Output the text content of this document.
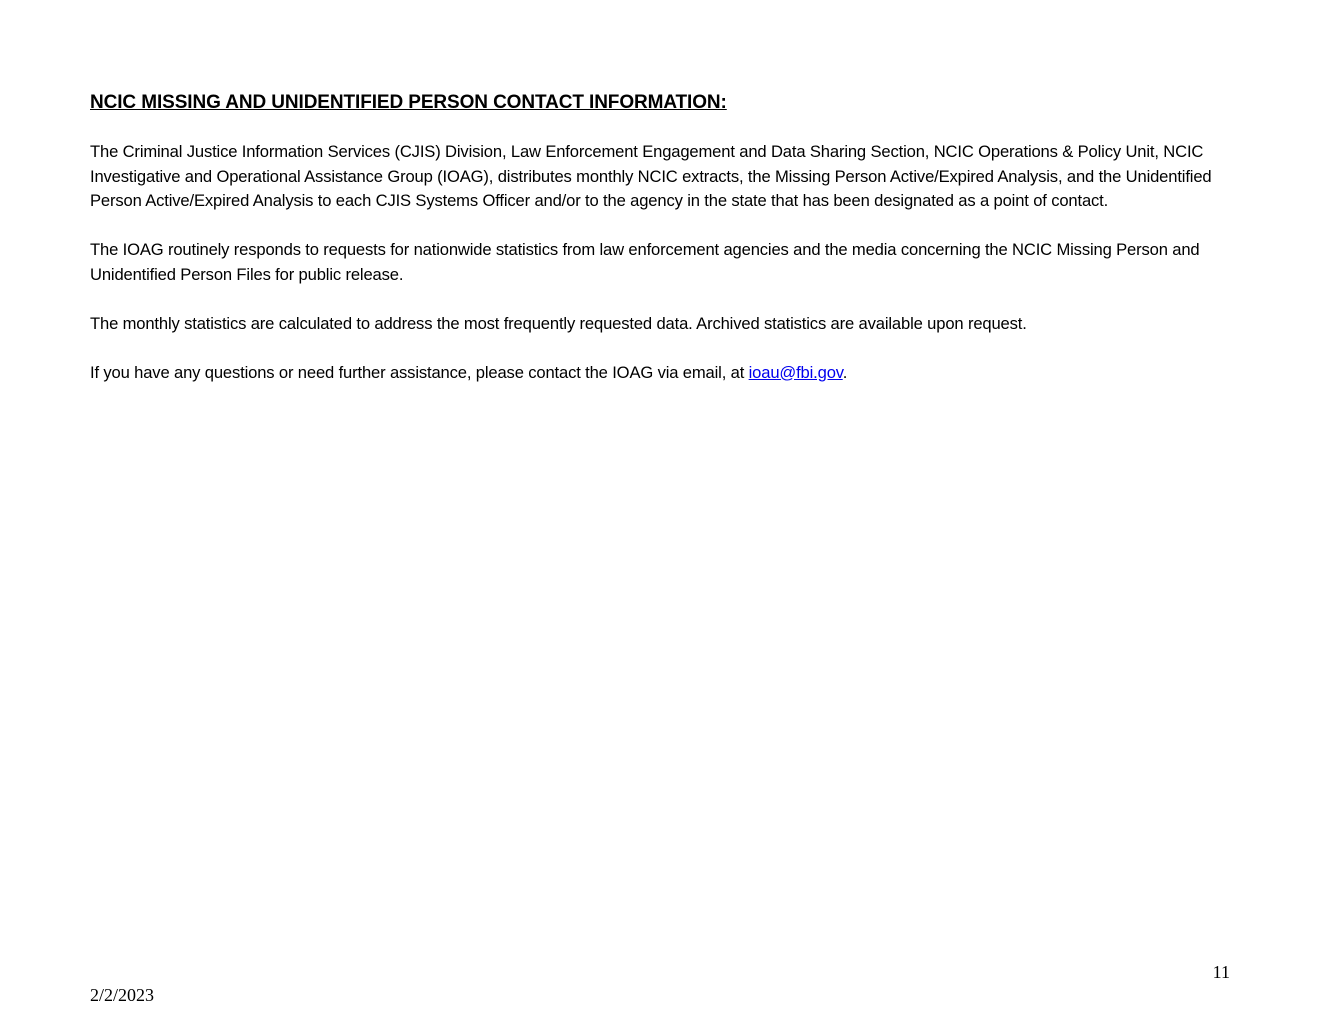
NCIC MISSING AND UNIDENTIFIED PERSON CONTACT INFORMATION:

The Criminal Justice Information Services (CJIS) Division, Law Enforcement Engagement and Data Sharing Section, NCIC Operations & Policy Unit, NCIC Investigative and Operational Assistance Group (IOAG), distributes monthly NCIC extracts, the Missing Person Active/Expired Analysis, and the Unidentified Person Active/Expired Analysis to each CJIS Systems Officer and/or to the agency in the state that has been designated as a point of contact.

The IOAG routinely responds to requests for nationwide statistics from law enforcement agencies and the media concerning the NCIC Missing Person and Unidentified Person Files for public release.

The monthly statistics are calculated to address the most frequently requested data. Archived statistics are available upon request.

If you have any questions or need further assistance, please contact the IOAG via email, at ioau@fbi.gov.

11
2/2/2023
